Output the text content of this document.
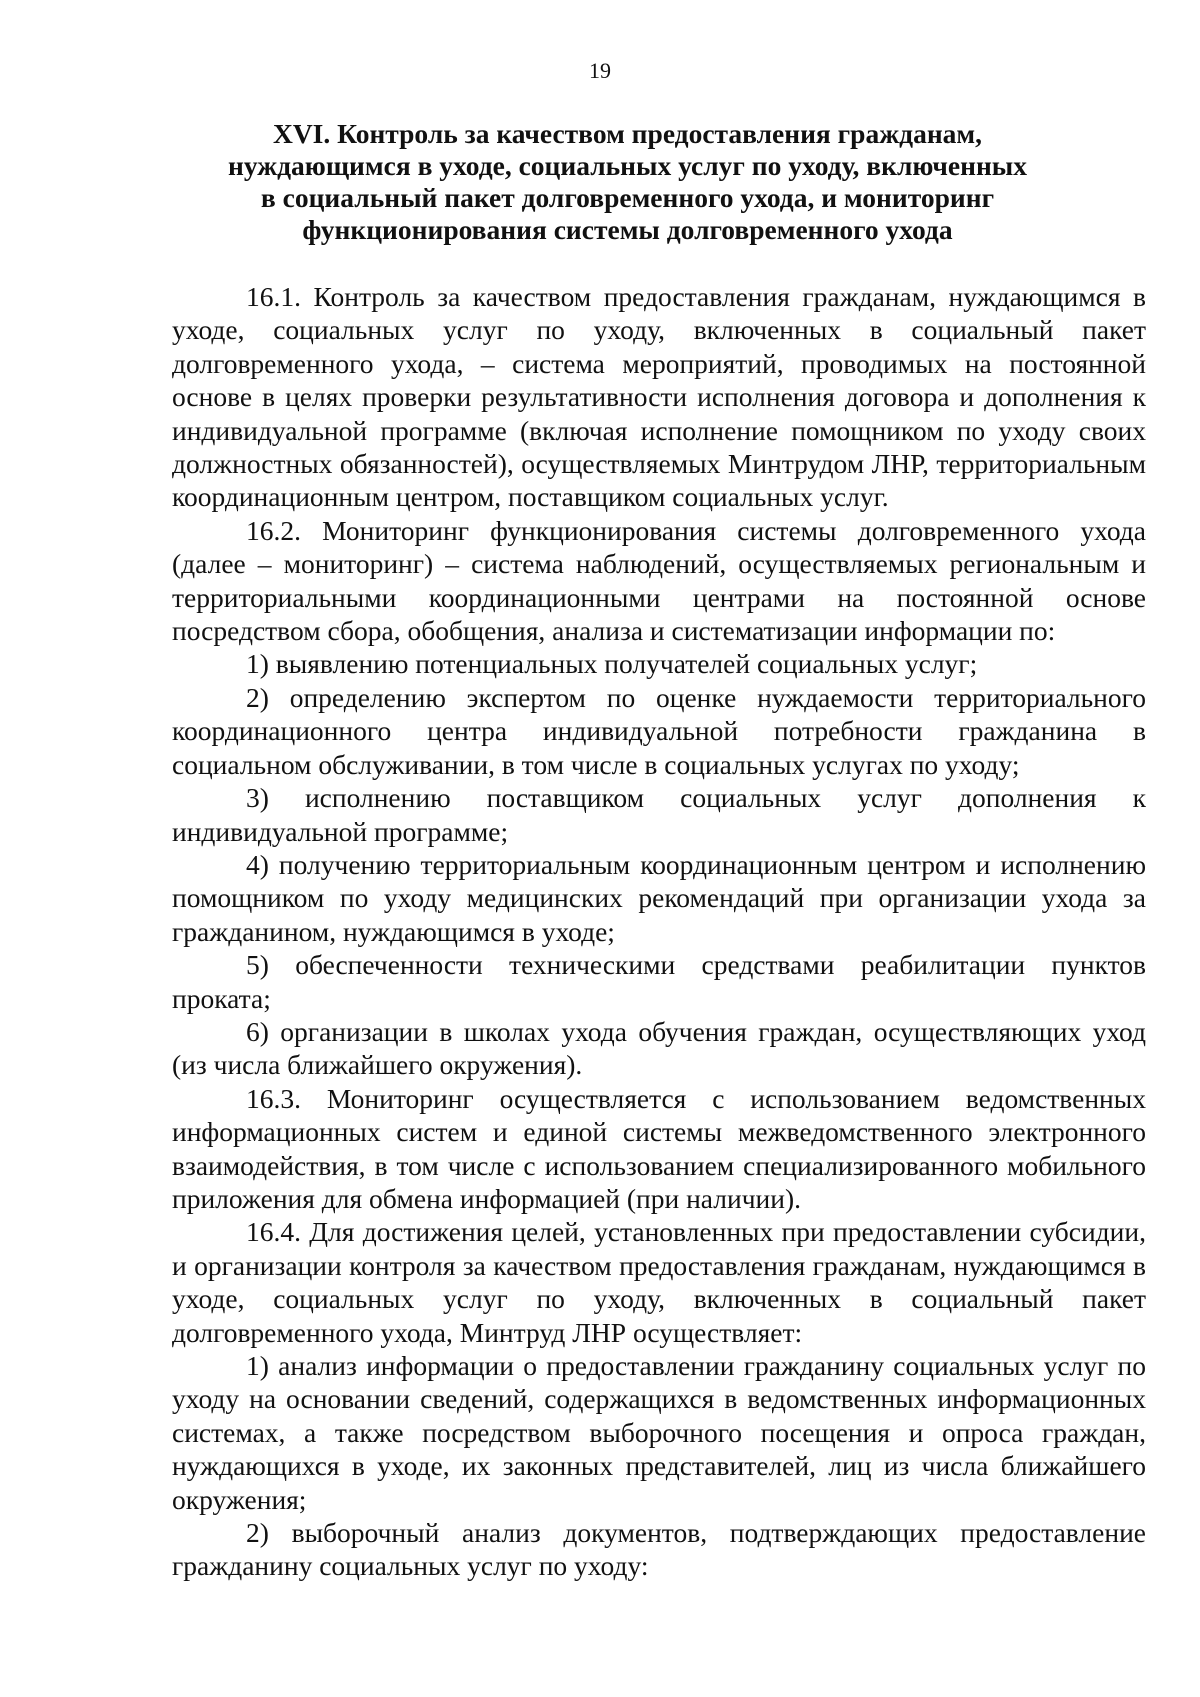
19
XVI. Контроль за качеством предоставления гражданам,
нуждающимся в уходе, социальных услуг по уходу, включенных
в социальный пакет долговременного ухода, и мониторинг
функционирования системы долговременного ухода

16.1. Контроль за качеством предоставления гражданам, нуждающимся в уходе, социальных услуг по уходу, включенных в социальный пакет долговременного ухода, – система мероприятий, проводимых на постоянной основе в целях проверки результативности исполнения договора и дополнения к индивидуальной программе (включая исполнение помощником по уходу своих должностных обязанностей), осуществляемых Минтрудом ЛНР, территориальным координационным центром, поставщиком социальных услуг.

16.2. Мониторинг функционирования системы долговременного ухода (далее – мониторинг) – система наблюдений, осуществляемых региональным и территориальными координационными центрами на постоянной основе посредством сбора, обобщения, анализа и систематизации информации по:

1) выявлению потенциальных получателей социальных услуг;

2) определению экспертом по оценке нуждаемости территориального координационного центра индивидуальной потребности гражданина в социальном обслуживании, в том числе в социальных услугах по уходу;

3) исполнению поставщиком социальных услуг дополнения к индивидуальной программе;

4) получению территориальным координационным центром и исполнению помощником по уходу медицинских рекомендаций при организации ухода за гражданином, нуждающимся в уходе;

5) обеспеченности техническими средствами реабилитации пунктов проката;

6) организации в школах ухода обучения граждан, осуществляющих уход (из числа ближайшего окружения).

16.3. Мониторинг осуществляется с использованием ведомственных информационных систем и единой системы межведомственного электронного взаимодействия, в том числе с использованием специализированного мобильного приложения для обмена информацией (при наличии).

16.4. Для достижения целей, установленных при предоставлении субсидии, и организации контроля за качеством предоставления гражданам, нуждающимся в уходе, социальных услуг по уходу, включенных в социальный пакет долговременного ухода, Минтруд ЛНР осуществляет:

1) анализ информации о предоставлении гражданину социальных услуг по уходу на основании сведений, содержащихся в ведомственных информационных системах, а также посредством выборочного посещения и опроса граждан, нуждающихся в уходе, их законных представителей, лиц из числа ближайшего окружения;

2) выборочный анализ документов, подтверждающих предоставление гражданину социальных услуг по уходу:
